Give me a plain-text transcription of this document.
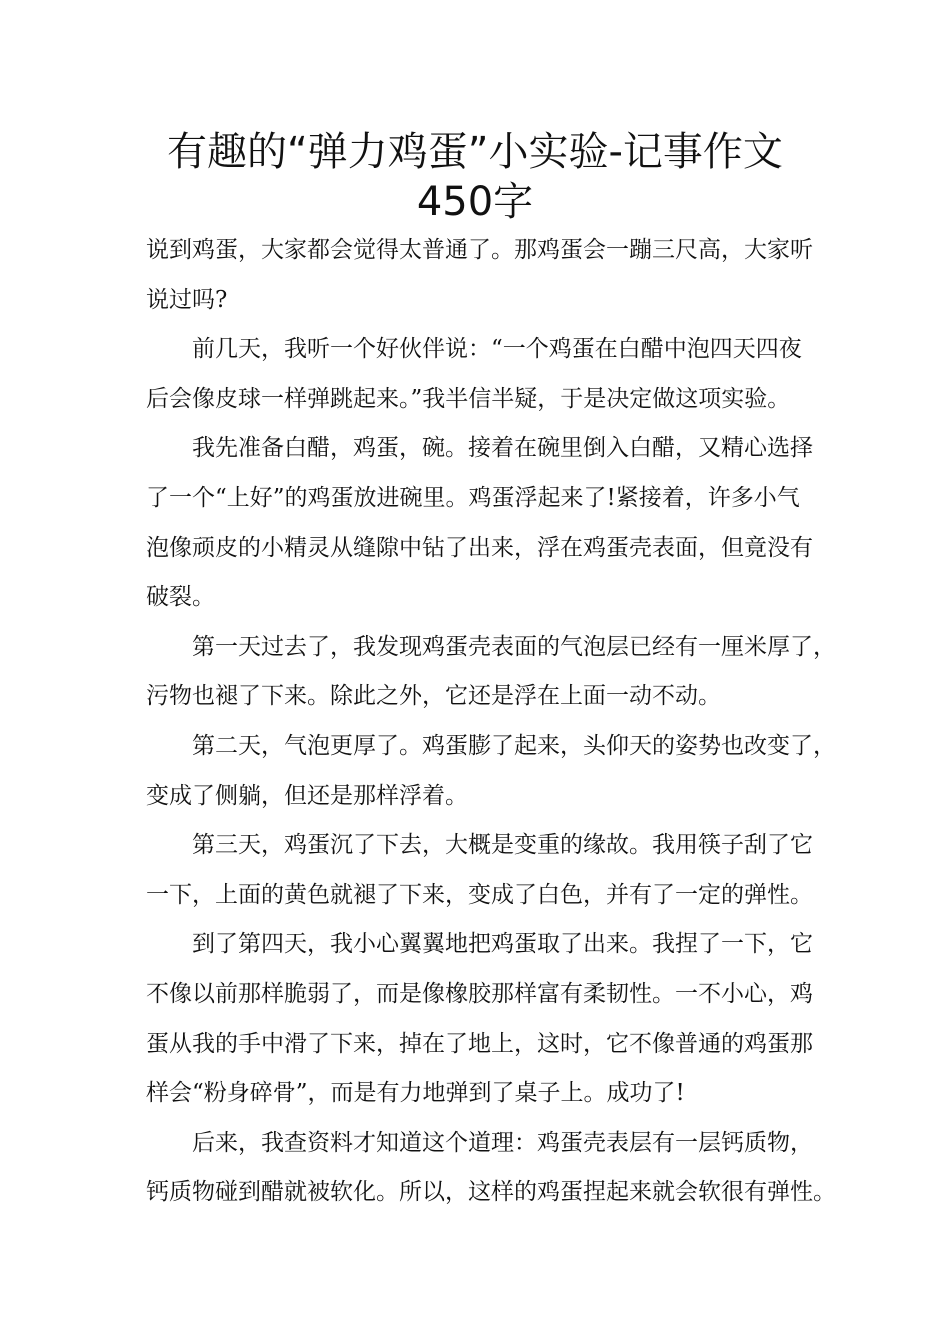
有趣的“弹力鸡蛋”小实验-记事作文
450字
说到鸡蛋，大家都会觉得太普通了。那鸡蛋会一蹦三尺高，大家听
说过吗?
前几天，我听一个好伙伴说：“一个鸡蛋在白醋中泡四天四夜
后会像皮球一样弹跳起来。”我半信半疑，于是决定做这项实验。
我先准备白醋，鸡蛋，碗。接着在碗里倒入白醋，又精心选择
了一个“上好”的鸡蛋放进碗里。鸡蛋浮起来了!紧接着，许多小气
泡像顽皮的小精灵从缝隙中钻了出来，浮在鸡蛋壳表面，但竟没有
破裂。
第一天过去了，我发现鸡蛋壳表面的气泡层已经有一厘米厚了，
污物也褪了下来。除此之外，它还是浮在上面一动不动。
第二天，气泡更厚了。鸡蛋膨了起来，头仰天的姿势也改变了，
变成了侧躺，但还是那样浮着。
第三天，鸡蛋沉了下去，大概是变重的缘故。我用筷子刮了它
一下，上面的黄色就褪了下来，变成了白色，并有了一定的弹性。
到了第四天，我小心翼翼地把鸡蛋取了出来。我捏了一下，它
不像以前那样脆弱了，而是像橡胶那样富有柔韧性。一不小心，鸡
蛋从我的手中滑了下来，掉在了地上，这时，它不像普通的鸡蛋那
样会“粉身碎骨”，而是有力地弹到了桌子上。成功了!
后来，我查资料才知道这个道理：鸡蛋壳表层有一层钙质物，
钙质物碰到醋就被软化。所以，这样的鸡蛋捏起来就会软很有弹性。
